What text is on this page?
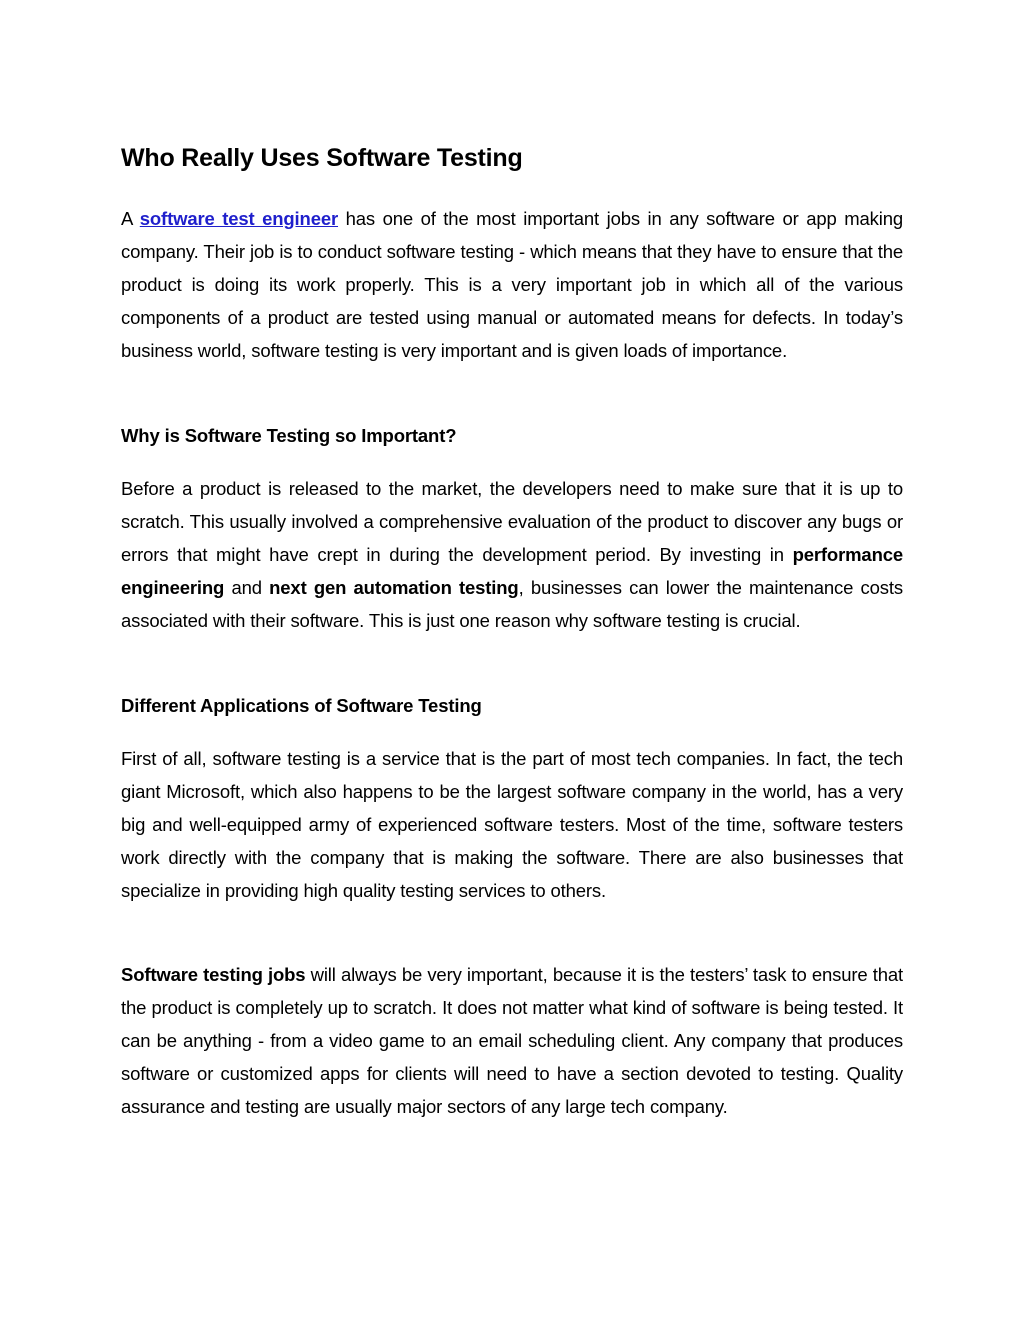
Who Really Uses Software Testing

A software test engineer has one of the most important jobs in any software or app making company. Their job is to conduct software testing - which means that they have to ensure that the product is doing its work properly. This is a very important job in which all of the various components of a product are tested using manual or automated means for defects. In today’s business world, software testing is very important and is given loads of importance.

Why is Software Testing so Important?

Before a product is released to the market, the developers need to make sure that it is up to scratch. This usually involved a comprehensive evaluation of the product to discover any bugs or errors that might have crept in during the development period. By investing in performance engineering and next gen automation testing, businesses can lower the maintenance costs associated with their software. This is just one reason why software testing is crucial.

Different Applications of Software Testing

First of all, software testing is a service that is the part of most tech companies. In fact, the tech giant Microsoft, which also happens to be the largest software company in the world, has a very big and well-equipped army of experienced software testers. Most of the time, software testers work directly with the company that is making the software. There are also businesses that specialize in providing high quality testing services to others.

Software testing jobs will always be very important, because it is the testers’ task to ensure that the product is completely up to scratch. It does not matter what kind of software is being tested. It can be anything - from a video game to an email scheduling client. Any company that produces software or customized apps for clients will need to have a section devoted to testing. Quality assurance and testing are usually major sectors of any large tech company.
